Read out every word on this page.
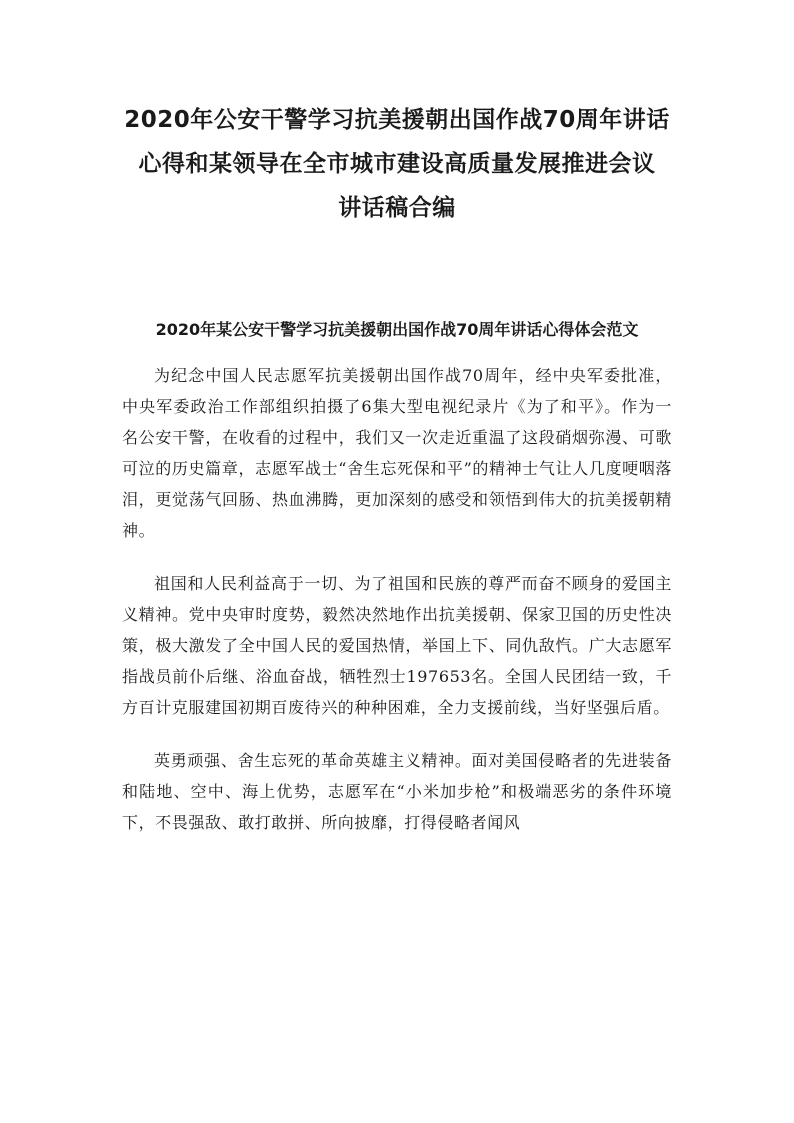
2020年公安干警学习抗美援朝出国作战70周年讲话
心得和某领导在全市城市建设高质量发展推进会议
讲话稿合编
2020年某公安干警学习抗美援朝出国作战70周年讲话心得体会范文

为纪念中国人民志愿军抗美援朝出国作战70周年，经中央军委批准，中央军委政治工作部组织拍摄了6集大型电视纪录片《为了和平》。作为一名公安干警，在收看的过程中，我们又一次走近重温了这段硝烟弥漫、可歌可泣的历史篇章，志愿军战士“舍生忘死保和平”的精神士气让人几度哽咽落泪，更觉荡气回肠、热血沸腾，更加深刻的感受和领悟到伟大的抗美援朝精神。

祖国和人民利益高于一切、为了祖国和民族的尊严而奋不顾身的爱国主义精神。党中央审时度势，毅然决然地作出抗美援朝、保家卫国的历史性决策，极大激发了全中国人民的爱国热情，举国上下、同仇敌忾。广大志愿军指战员前仆后继、浴血奋战，牺牲烈士197653名。全国人民团结一致，千方百计克服建国初期百废待兴的种种困难，全力支援前线，当好坚强后盾。

英勇顽强、舍生忘死的革命英雄主义精神。面对美国侵略者的先进装备和陆地、空中、海上优势，志愿军在“小米加步枪”和极端恶劣的条件环境下，不畏强敌、敢打敢拼、所向披靡，打得侵略者闻风
